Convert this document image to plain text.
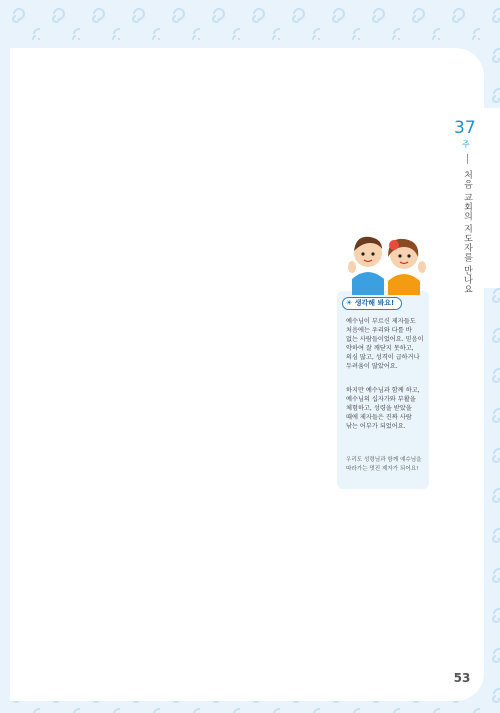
37
주
처음 교회의 지도자를 만나요
☀ 생각해 봐요!
예수님이 부르신 제자들도 처음에는 우리와 다를 바 없는 사람들이었어요. 믿음이 약하여 잘 깨닫지 못하고, 의심 많고, 성격이 급하거나 두려움이 많았어요.
하지만 예수님과 함께 하고, 예수님의 십자가와 부활을 체험하고, 성령을 받았을 때에 제자들은 진짜 사람 낚는 어부가 되었어요.
우리도 성령님과 함께 예수님을 따라가는 멋진 제자가 되어요!
53
